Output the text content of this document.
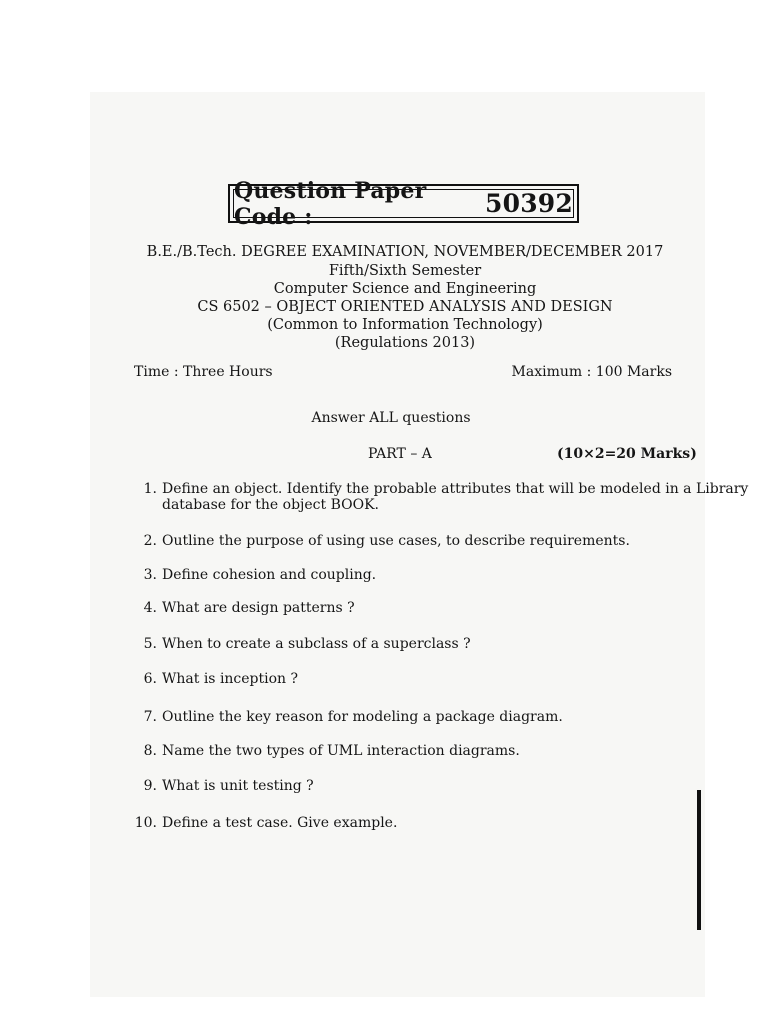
Question Paper Code :	50392
B.E./B.Tech. DEGREE EXAMINATION, NOVEMBER/DECEMBER 2017
Fifth/Sixth Semester
Computer Science and Engineering
CS 6502 – OBJECT ORIENTED ANALYSIS AND DESIGN
(Common to Information Technology)
(Regulations 2013)
Time : Three Hours	Maximum : 100 Marks
Answer ALL questions
PART – A	(10×2=20 Marks)
1. Define an object. Identify the probable attributes that will be modeled in a Library
database for the object BOOK.
2. Outline the purpose of using use cases, to describe requirements.
3. Define cohesion and coupling.
4. What are design patterns ?
5. When to create a subclass of a superclass ?
6. What is inception ?
7. Outline the key reason for modeling a package diagram.
8. Name the two types of UML interaction diagrams.
9. What is unit testing ?
10. Define a test case. Give example.
